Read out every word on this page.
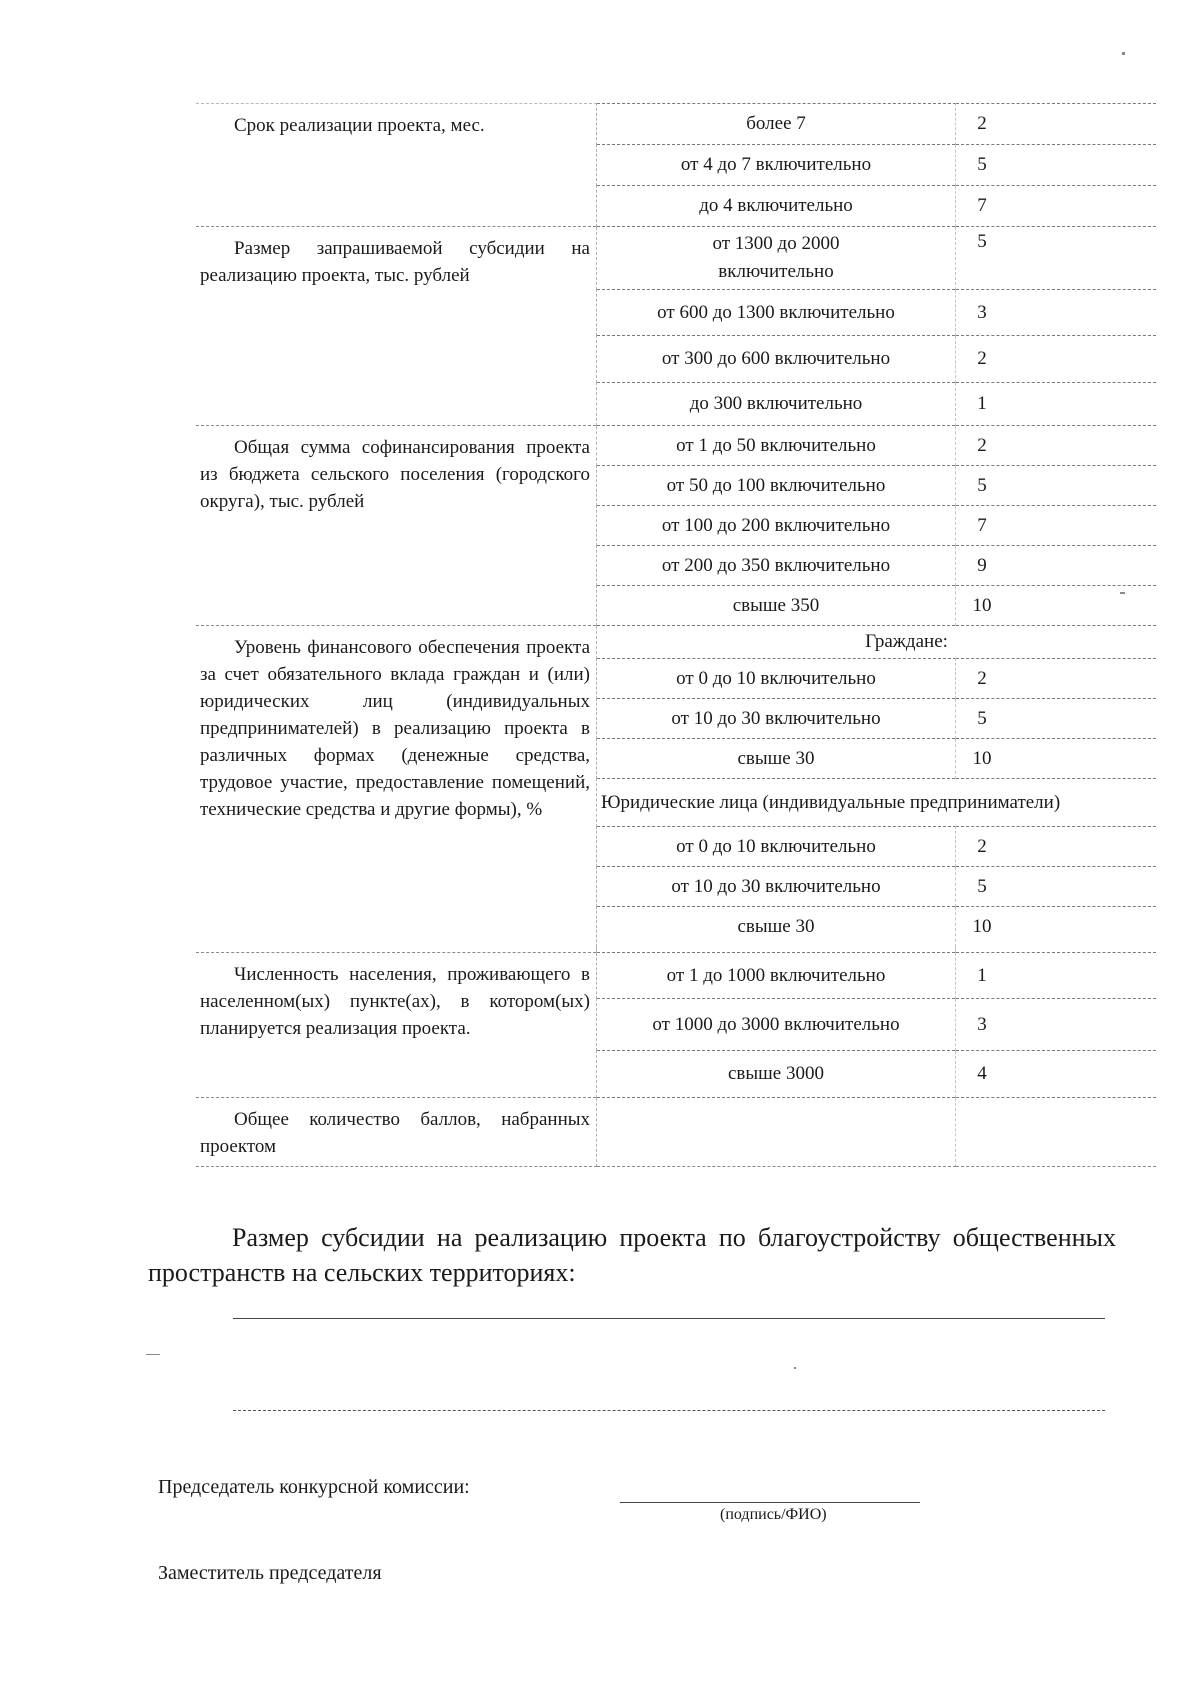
Срок реализации проекта, мес.	более 7	2
	от 4 до 7 включительно	5
	до 4 включительно	7

Размер запрашиваемой субсидии на реализацию проекта, тыс. рублей	от 1300 до 2000 включительно	5
	от 600 до 1300 включительно	3
	от 300 до 600 включительно	2
	до 300 включительно	1

Общая сумма софинансирования проекта из бюджета сельского поселения (городского округа), тыс. рублей	от 1 до 50 включительно	2
	от 50 до 100 включительно	5
	от 100 до 200 включительно	7
	от 200 до 350 включительно	9
	свыше 350	10

Уровень финансового обеспечения проекта за счет обязательного вклада граждан и (или) юридических лиц (индивидуальных предпринимателей) в реализацию проекта в различных формах (денежные средства, трудовое участие, предоставление помещений, технические средства и другие формы), %	Граждане:	
	от 0 до 10 включительно	2
	от 10 до 30 включительно	5
	свыше 30	10
	Юридические лица (индивидуальные предприниматели)	
	от 0 до 10 включительно	2
	от 10 до 30 включительно	5
	свыше 30	10

Численность населения, проживающего в населенном(ых) пункте(ах), в котором(ых) планируется реализация проекта.	от 1 до 1000 включительно	1
	от 1000 до 3000 включительно	3
	свыше 3000	4

Общее количество баллов, набранных проектом		

Размер субсидии на реализацию проекта по благоустройству общественных пространств на сельских территориях:

Председатель конкурсной комиссии:
(подпись/ФИО)
Заместитель председателя
